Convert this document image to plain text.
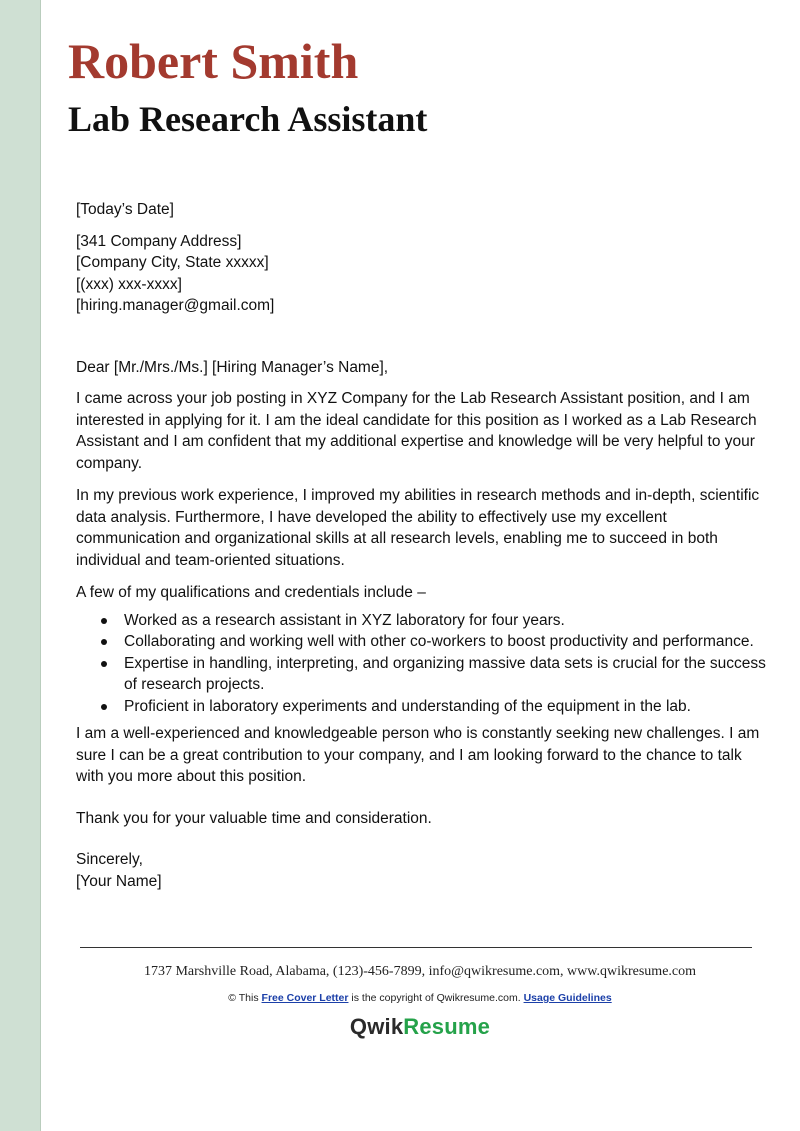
Robert Smith
Lab Research Assistant

[Today’s Date]

[341 Company Address]

[Company City, State xxxxx]

[(xxx) xxx-xxxx]

[hiring.manager@gmail.com]

Dear [Mr./Mrs./Ms.] [Hiring Manager’s Name],

I came across your job posting in XYZ Company for the Lab Research Assistant position, and I am interested in applying for it. I am the ideal candidate for this position as I worked as a Lab Research Assistant and I am confident that my additional expertise and knowledge will be very helpful to your company.

In my previous work experience, I improved my abilities in research methods and in-depth, scientific data analysis. Furthermore, I have developed the ability to effectively use my excellent communication and organizational skills at all research levels, enabling me to succeed in both individual and team-oriented situations.

A few of my qualifications and credentials include –

Worked as a research assistant in XYZ laboratory for four years.
Collaborating and working well with other co-workers to boost productivity and performance.
Expertise in handling, interpreting, and organizing massive data sets is crucial for the success of research projects.
Proficient in laboratory experiments and understanding of the equipment in the lab.

I am a well-experienced and knowledgeable person who is constantly seeking new challenges. I am sure I can be a great contribution to your company, and I am looking forward to the chance to talk with you more about this position.

Thank you for your valuable time and consideration.

Sincerely,

[Your Name]

1737 Marshville Road, Alabama, (123)-456-7899, info@qwikresume.com, www.qwikresume.com
© This Free Cover Letter is the copyright of Qwikresume.com. Usage Guidelines
QwikResume
